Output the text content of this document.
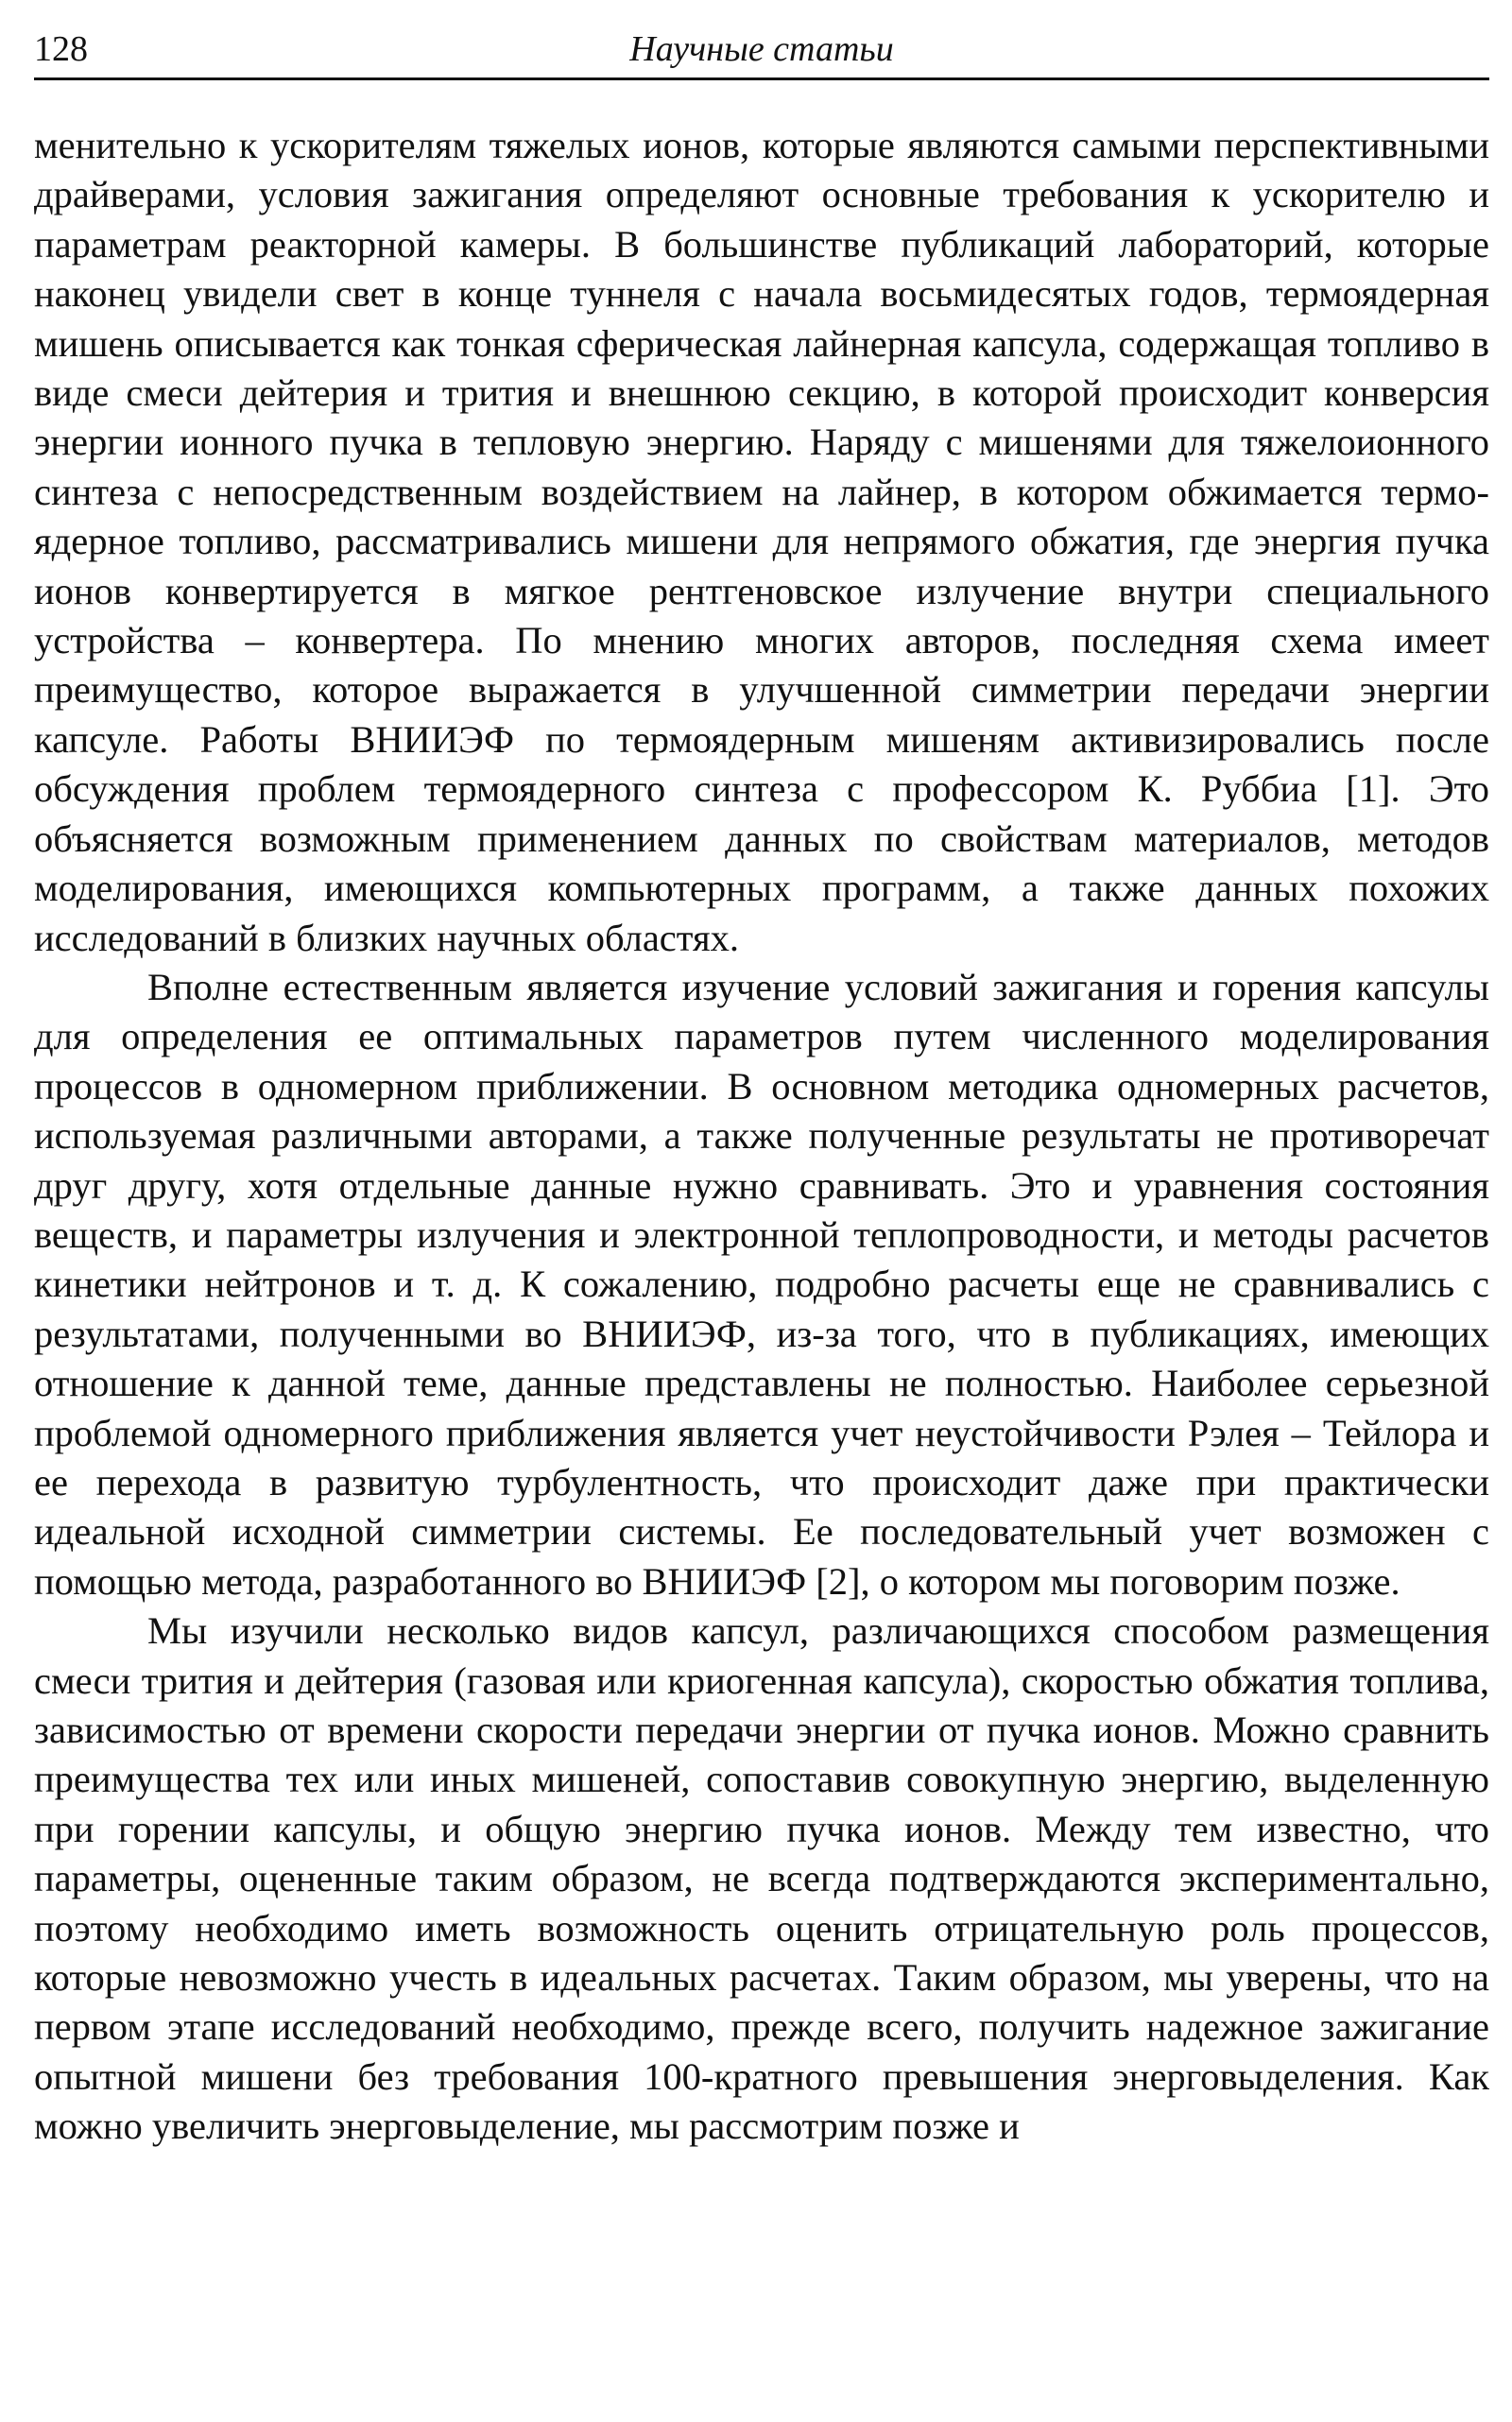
128	Научные статьи

менительно к ускорителям тяжелых ионов, которые являются самыми перспективными драйверами, условия зажигания определяют основные требования к ускорителю и параметрам реакторной камеры. В большинстве публикаций лабораторий, которые наконец увидели свет в конце туннеля с начала восьмидесятых годов, термоядерная мишень описывается как тонкая сферическая лайнерная капсула, содержащая топливо в виде смеси дейтерия и трития и внешнюю секцию, в которой происходит конверсия энергии ионного пучка в тепловую энергию. Наряду с мишенями для тяжелоионного синтеза с непосредственным воздействием на лайнер, в котором обжимается термоядерное топливо, рассматривались мишени для непрямого обжатия, где энергия пучка ионов конвертируется в мягкое рентгеновское излучение внутри специального устройства – конвертера. По мнению многих авторов, последняя схема имеет преимущество, которое выражается в улучшенной симметрии передачи энергии капсуле. Работы ВНИИЭФ по термоядерным мишеням активизировались после обсуждения проблем термоядерного синтеза с профессором К. Руббиа [1]. Это объясняется возможным применением данных по свойствам материалов, методов моделирования, имеющихся компьютерных программ, а также данных похожих исследований в близких научных областях.

Вполне естественным является изучение условий зажигания и горения капсулы для определения ее оптимальных параметров путем численного моделирования процессов в одномерном приближении. В основном методика одномерных расчетов, используемая различными авторами, а также полученные результаты не противоречат друг другу, хотя отдельные данные нужно сравнивать. Это и уравнения состояния веществ, и параметры излучения и электронной теплопроводности, и методы расчетов кинетики нейтронов и т. д. К сожалению, подробно расчеты еще не сравнивались с результатами, полученными во ВНИИЭФ, из-за того, что в публикациях, имеющих отношение к данной теме, данные представлены не полностью. Наиболее серьезной проблемой одномерного приближения является учет неустойчивости Рэлея – Тейлора и ее перехода в развитую турбулентность, что происходит даже при практически идеальной исходной симметрии системы. Ее последовательный учет возможен с помощью метода, разработанного во ВНИИЭФ [2], о котором мы поговорим позже.

Мы изучили несколько видов капсул, различающихся способом размещения смеси трития и дейтерия (газовая или криогенная капсула), скоростью обжатия топлива, зависимостью от времени скорости передачи энергии от пучка ионов. Можно сравнить преимущества тех или иных мишеней, сопоставив совокупную энергию, выделенную при горении капсулы, и общую энергию пучка ионов. Между тем известно, что параметры, оцененные таким образом, не всегда подтверждаются экспериментально, поэтому необходимо иметь возможность оценить отрицательную роль процессов, которые невозможно учесть в идеальных расчетах. Таким образом, мы уверены, что на первом этапе исследований необходимо, прежде всего, получить надежное зажигание опытной мишени без требования 100-кратного превышения энерговыделения. Как можно увеличить энерговыделение, мы рассмотрим позже и
